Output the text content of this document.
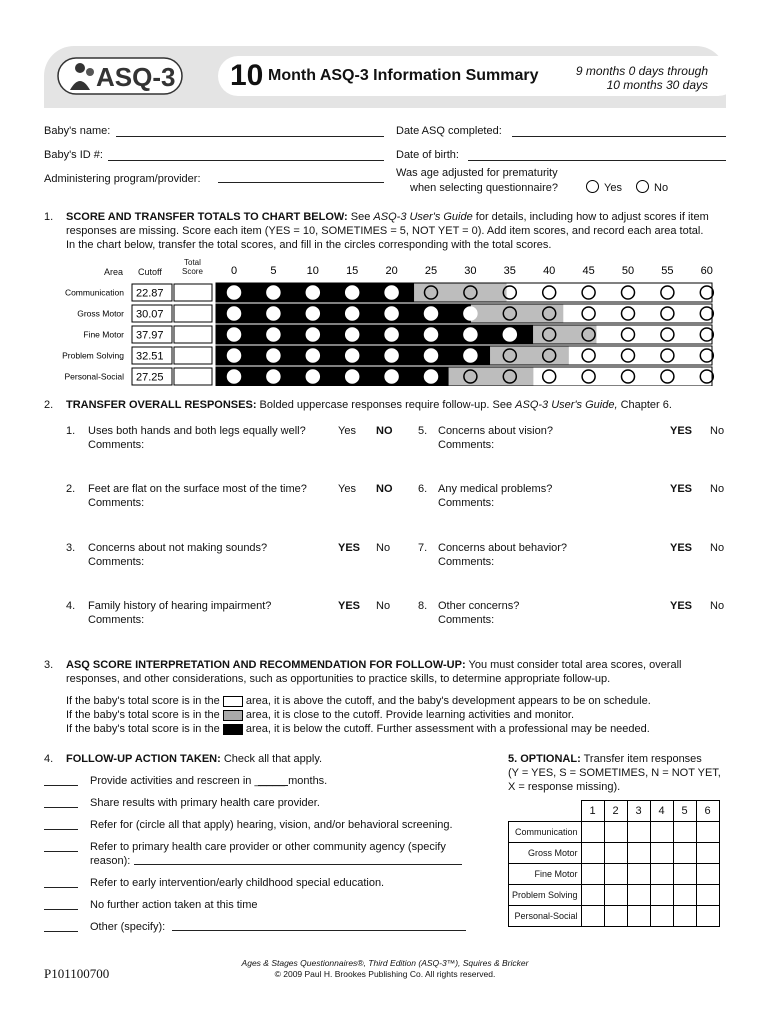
ASQ-3 10 Month ASQ-3 Information Summary	9 months 0 days through
10 months 30 days
Baby's name:
Baby's ID #:
Administering program/provider:
Date ASQ completed:
Date of birth:
Was age adjusted for prematurity
when selecting questionnaire?	Yes	No
1. SCORE AND TRANSFER TOTALS TO CHART BELOW: See ASQ-3 User's Guide for details, including how to adjust scores if item
responses are missing. Score each item (YES = 10, SOMETIMES = 5, NOT YET = 0). Add item scores, and record each area total.
In the chart below, transfer the total scores, and fill in the circles corresponding with the total scores.
Area Cutoff
Total
Score	0	5	10 15 20 25 30 35 40 45 50 55 60
Communication 22.87
Gross Motor 30.07
Fine Motor 37.97
Problem Solving 32.51
Personal-Social 27.25
2. TRANSFER OVERALL RESPONSES: Bolded uppercase responses require follow-up. See ASQ-3 User's Guide, Chapter 6.
1. Uses both hands and both legs equally well?
Comments:
Yes NO
2. Feet are flat on the surface most of the time?
Comments:
Yes NO
3. Concerns about not making sounds?
Comments:
YES No
4. Family history of hearing impairment?
Comments:
YES No
5. Concerns about vision?
Comments:
YES No
6. Any medical problems?
Comments:
YES No
7. Concerns about behavior?
Comments:
YES No
8. Other concerns?
Comments:
YES No
3. ASQ SCORE INTERPRETATION AND RECOMMENDATION FOR FOLLOW-UP: You must consider total area scores, overall
responses, and other considerations, such as opportunities to practice skills, to determine appropriate follow-up.
If the baby's total score is in the area, it is above the cutoff, and the baby's development appears to be on schedule.
If the baby's total score is in the area, it is close to the cutoff. Provide learning activities and monitor.
If the baby's total score is in the area, it is below the cutoff. Further assessment with a professional may be needed.
4. FOLLOW-UP ACTION TAKEN: Check all that apply.
Provide activities and rescreen in _____ months.
Share results with primary health care provider.
Refer for (circle all that apply) hearing, vision, and/or behavioral screening.
Refer to primary health care provider or other community agency (specify
Refer to early intervention/early childhood special education.
No further action taken at this time
Other (specify):
reason):
5. OPTIONAL: Transfer item responses
(Y = YES, S = SOMETIMES, N = NOT YET,
X = response missing).
	1	2	3	4	5	6
Communication						
Gross Motor						
Fine Motor						
Problem Solving						
Personal-Social						
P101100700
Ages & Stages Questionnaires®, Third Edition (ASQ-3™), Squires & Bricker
© 2009 Paul H. Brookes Publishing Co. All rights reserved.
